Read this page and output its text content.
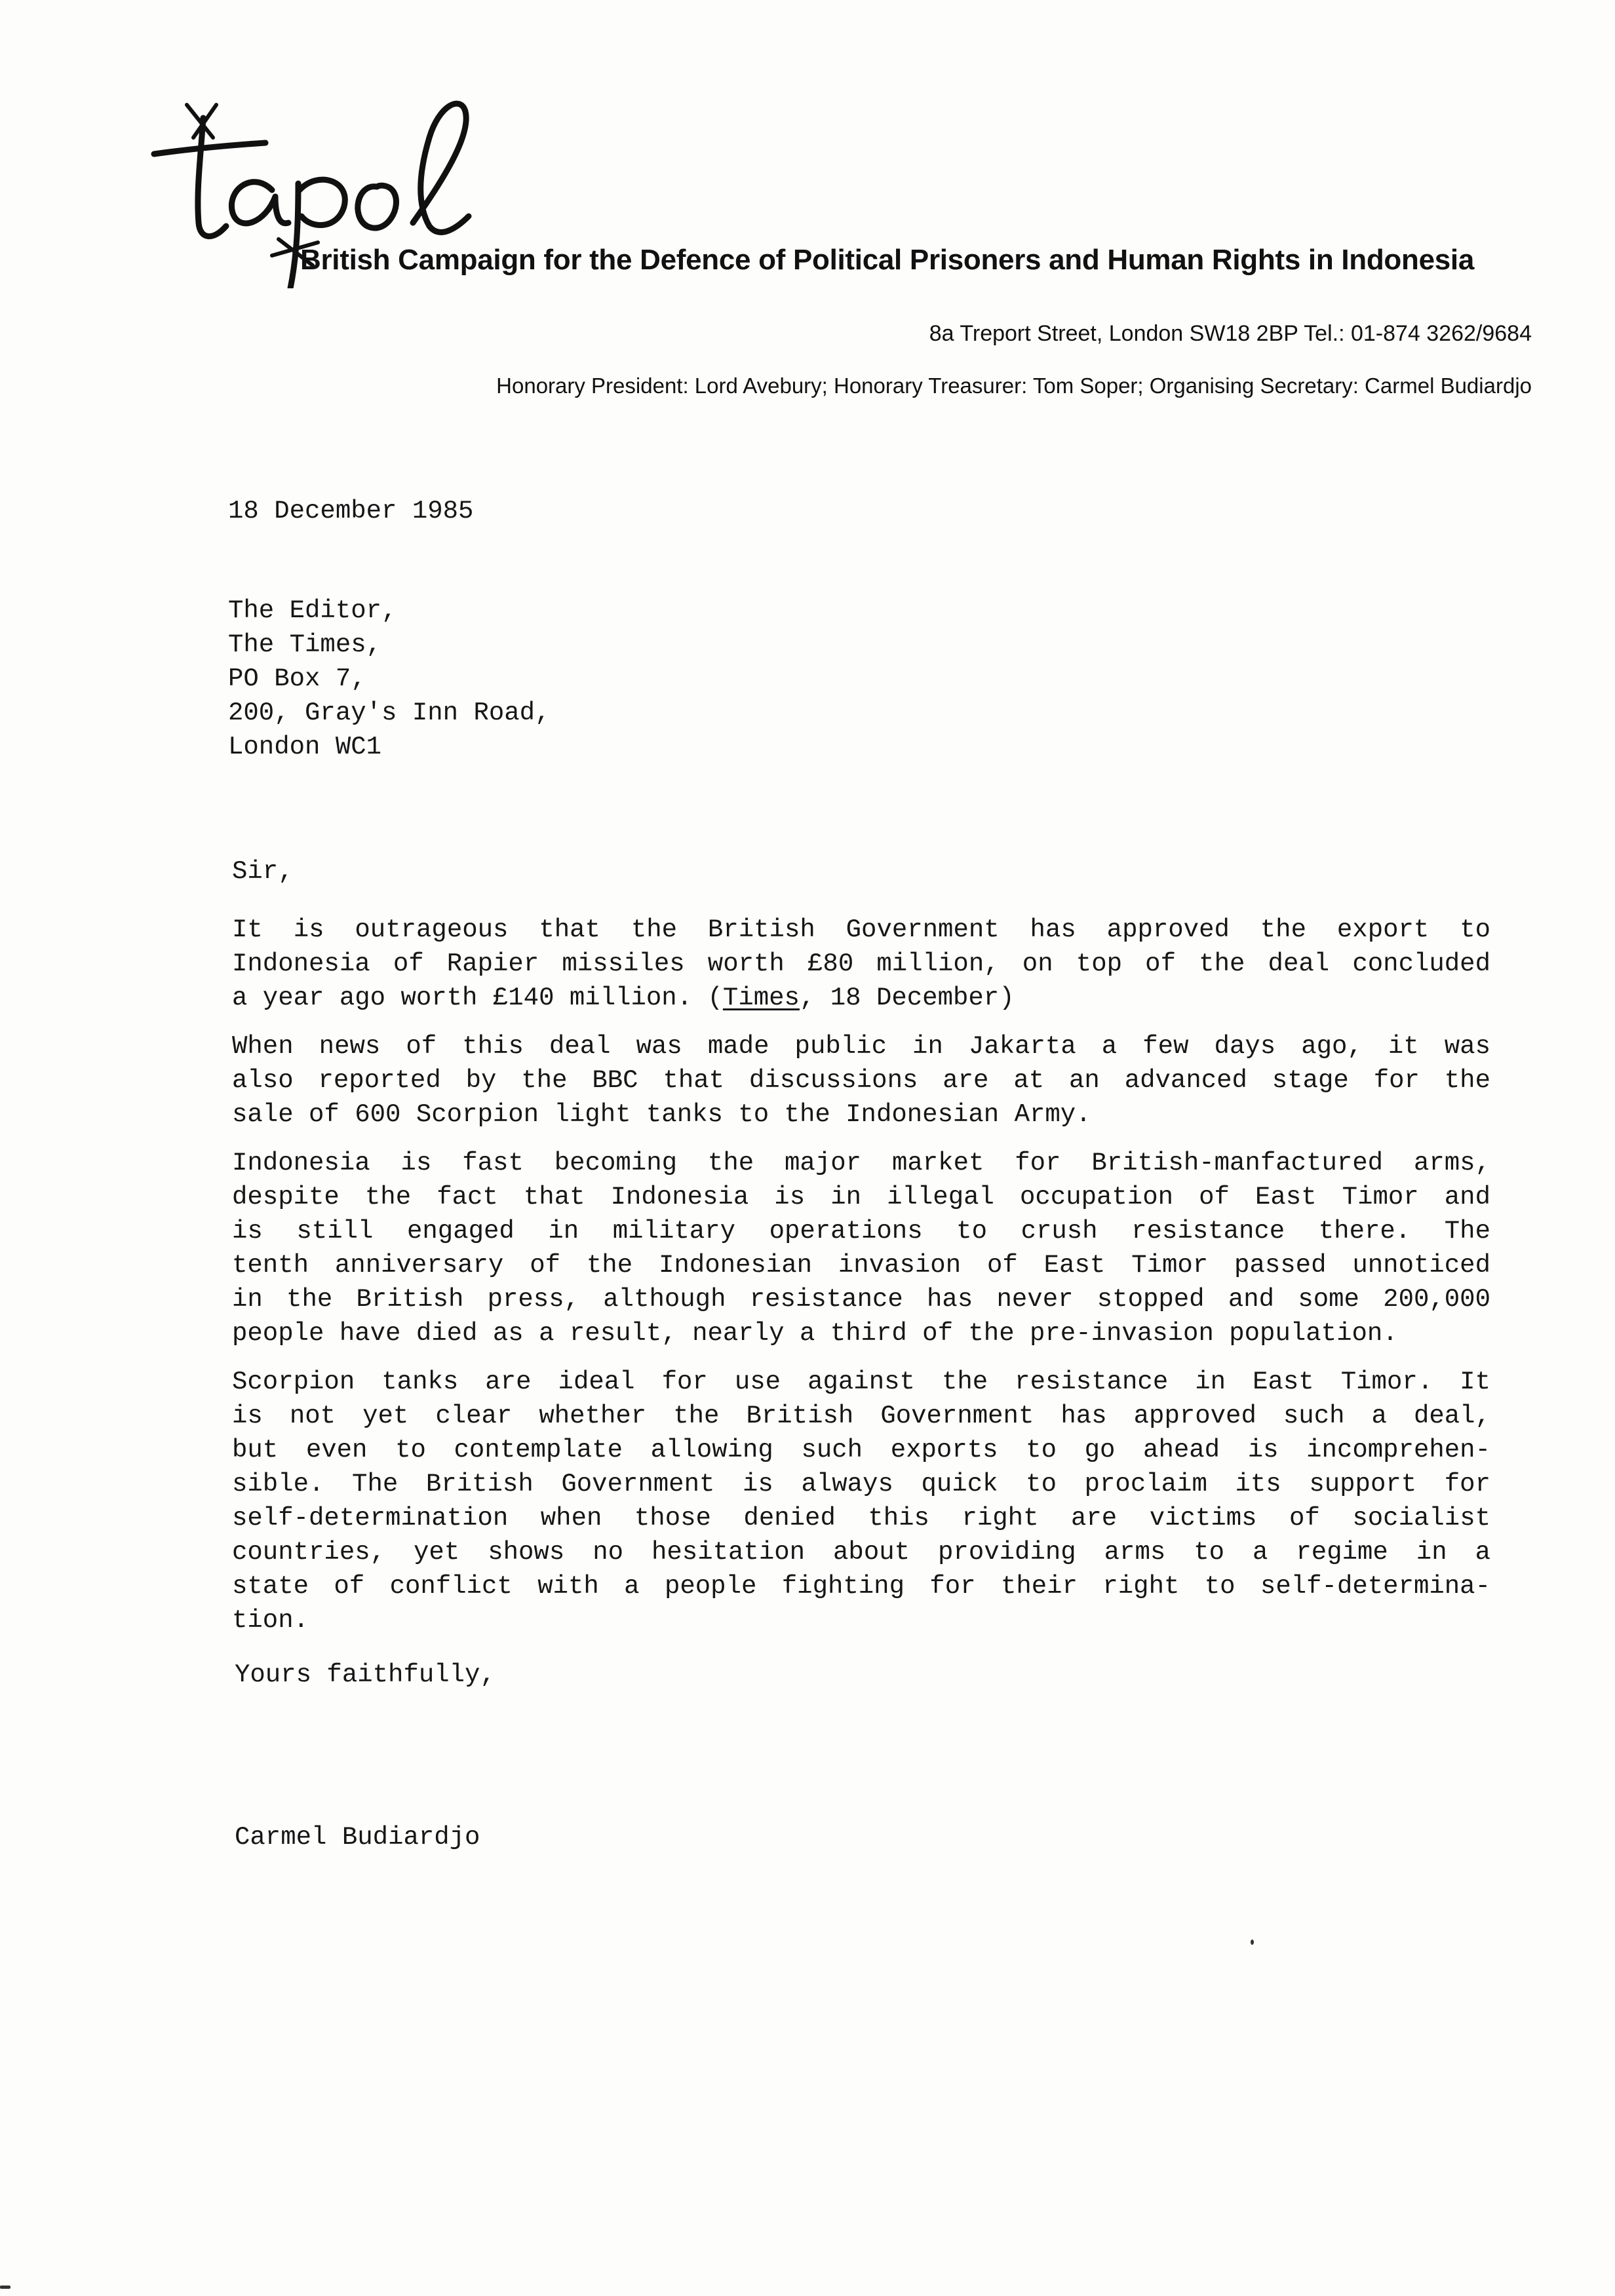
British Campaign for the Defence of Political Prisoners and Human Rights in Indonesia
8a Treport Street, London SW18 2BP Tel.: 01-874 3262/9684
Honorary President: Lord Avebury; Honorary Treasurer: Tom Soper; Organising Secretary: Carmel Budiardjo
18 December 1985
The Editor,
The Times,
PO Box 7,
200, Gray's Inn Road,
London WC1
Sir,
It is outrageous that the British Government has approved the export to
Indonesia of Rapier missiles worth £80 million, on top of the deal concluded
a year ago worth £140 million. (Times, 18 December)
When news of this deal was made public in Jakarta a few days ago, it was
also reported by the BBC that discussions are at an advanced stage for the
sale of 600 Scorpion light tanks to the Indonesian Army.
Indonesia is fast becoming the major market for British-manfactured arms,
despite the fact that Indonesia is in illegal occupation of East Timor and
is still engaged in military operations to crush resistance there. The
tenth anniversary of the Indonesian invasion of East Timor passed unnoticed
in the British press, although resistance has never stopped and some 200,000
people have died as a result, nearly a third of the pre-invasion population.
Scorpion tanks are ideal for use against the resistance in East Timor. It
is not yet clear whether the British Government has approved such a deal,
but even to contemplate allowing such exports to go ahead is incomprehen-
sible. The British Government is always quick to proclaim its support for
self-determination when those denied this right are victims of socialist
countries, yet shows no hesitation about providing arms to a regime in a
state of conflict with a people fighting for their right to self-determina-
tion.
Yours faithfully,
Carmel Budiardjo
